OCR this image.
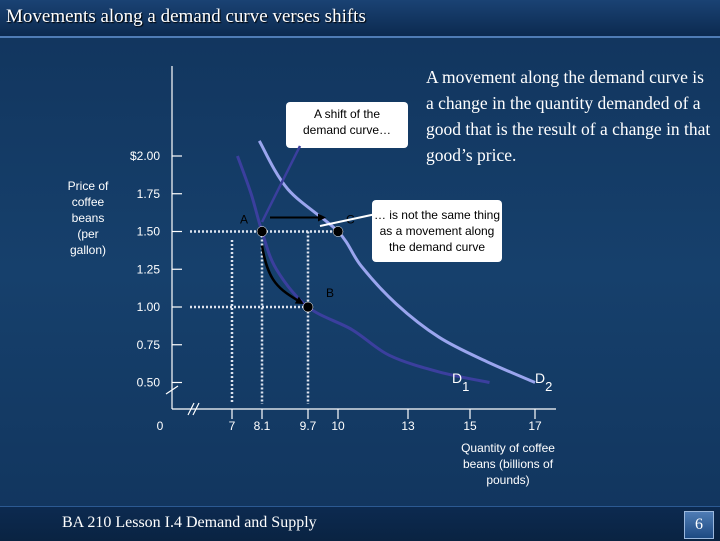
Movements along a demand curve verses shifts
$2.00
1.75
1.50
1.25
1.00
0.75
0.50
0	7 8.1 9.7 10	13	15	17
Price of coffee beans (per gallon)
Quantity of coffee beans (billions of pounds)
D1
D2
A
B
A shift of the
demand curve…
… is not the same thing
as a movement along
the demand curve
A movement along the demand curve is a change in the quantity demanded of a good that is the result of a change in that good’s price.
BA 210 Lesson I.4 Demand and Supply	6
